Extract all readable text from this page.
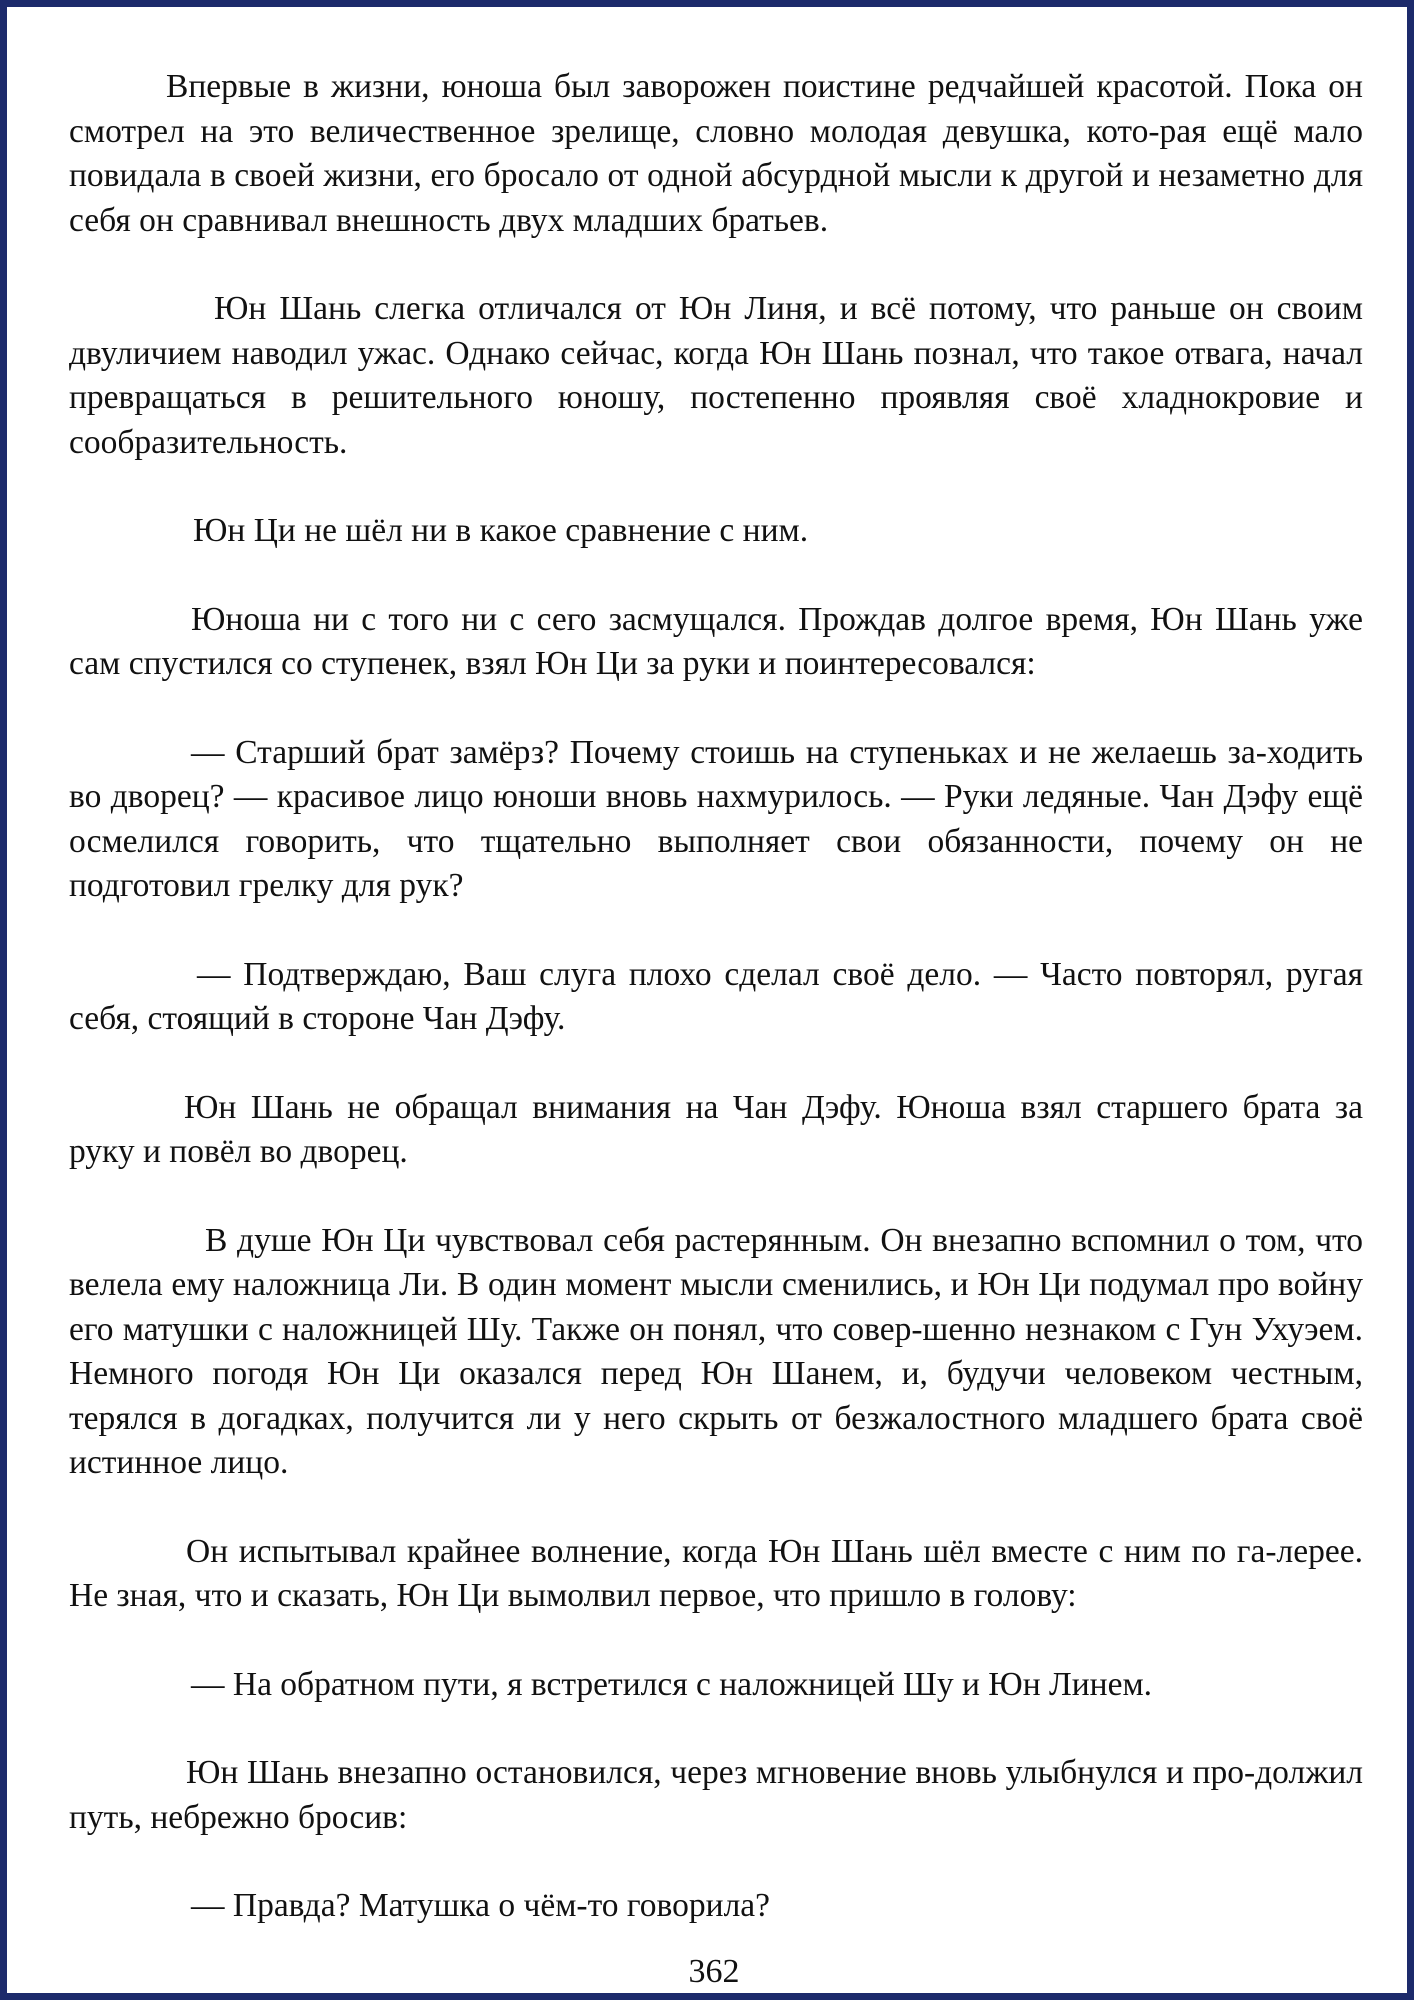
Впервые в жизни, юноша был заворожен поистине редчайшей красотой. Пока он смотрел на это величественное зрелище, словно молодая девушка, кото-рая ещё мало повидала в своей жизни, его бросало от одной абсурдной мысли к другой и незаметно для себя он сравнивал внешность двух младших братьев.

Юн Шань слегка отличался от Юн Линя, и всё потому, что раньше он своим двуличием наводил ужас. Однако сейчас, когда Юн Шань познал, что такое отвага, начал превращаться в решительного юношу, постепенно проявляя своё хладнокровие и сообразительность.

Юн Ци не шёл ни в какое сравнение с ним.

Юноша ни с того ни с сего засмущался. Прождав долгое время, Юн Шань уже сам спустился со ступенек, взял Юн Ци за руки и поинтересовался:

— Старший брат замёрз? Почему стоишь на ступеньках и не желаешь за-ходить во дворец? — красивое лицо юноши вновь нахмурилось. — Руки ледяные. Чан Дэфу ещё осмелился говорить, что тщательно выполняет свои обязанности, почему он не подготовил грелку для рук?

— Подтверждаю, Ваш слуга плохо сделал своё дело. — Часто повторял, ругая себя, стоящий в стороне Чан Дэфу.

Юн Шань не обращал внимания на Чан Дэфу. Юноша взял старшего брата за руку и повёл во дворец.

В душе Юн Ци чувствовал себя растерянным. Он внезапно вспомнил о том, что велела ему наложница Ли. В один момент мысли сменились, и Юн Ци подумал про войну его матушки с наложницей Шу. Также он понял, что совер-шенно незнаком с Гун Ухуэем. Немного погодя Юн Ци оказался перед Юн Шанем, и, будучи человеком честным, терялся в догадках, получится ли у него скрыть от безжалостного младшего брата своё истинное лицо.

Он испытывал крайнее волнение, когда Юн Шань шёл вместе с ним по га-лерее. Не зная, что и сказать, Юн Ци вымолвил первое, что пришло в голову:

— На обратном пути, я встретился с наложницей Шу и Юн Линем.

Юн Шань внезапно остановился, через мгновение вновь улыбнулся и про-должил путь, небрежно бросив:

— Правда? Матушка о чём-то говорила?

362
